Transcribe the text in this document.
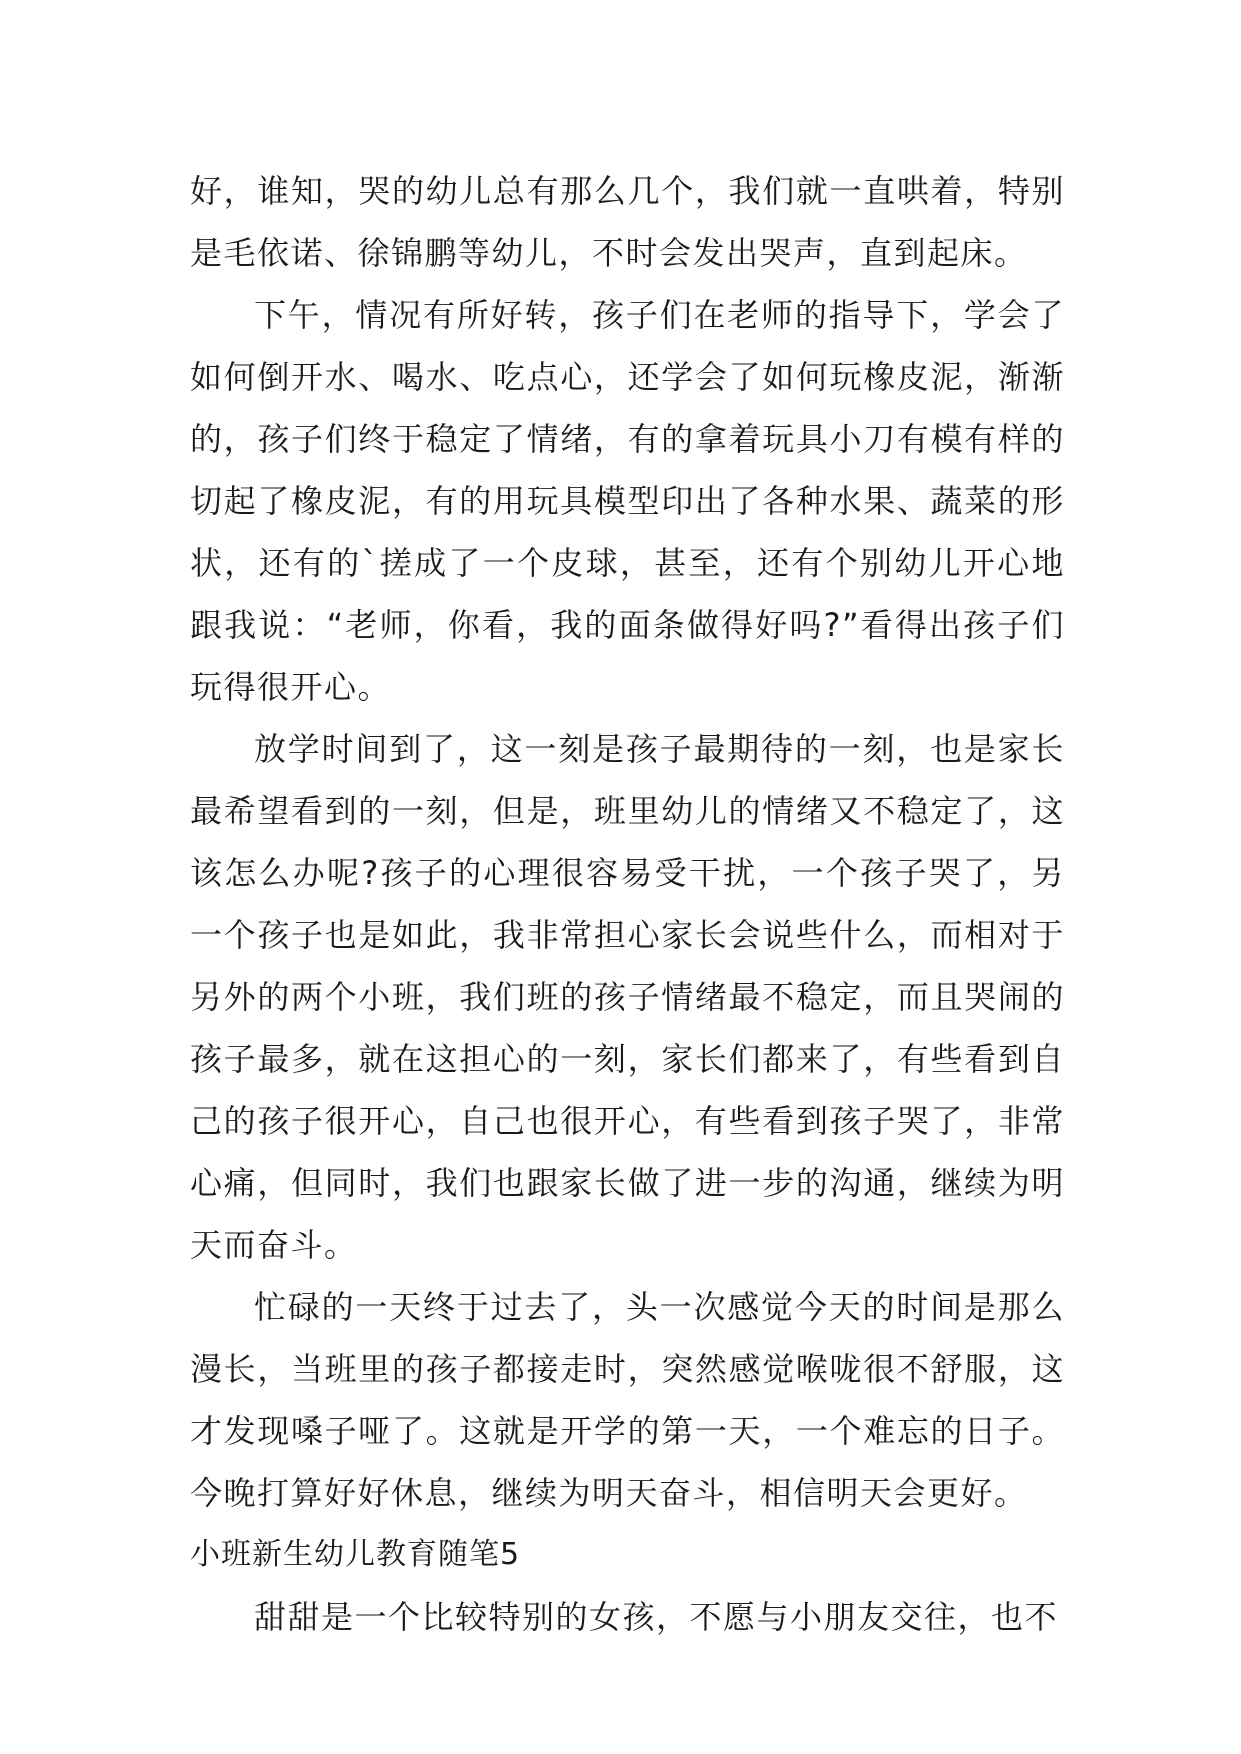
好，谁知，哭的幼儿总有那么几个，我们就一直哄着，特别是毛依诺、徐锦鹏等幼儿，不时会发出哭声，直到起床。

下午，情况有所好转，孩子们在老师的指导下，学会了如何倒开水、喝水、吃点心，还学会了如何玩橡皮泥，渐渐的，孩子们终于稳定了情绪，有的拿着玩具小刀有模有样的切起了橡皮泥，有的用玩具模型印出了各种水果、蔬菜的形状，还有的`搓成了一个皮球，甚至，还有个别幼儿开心地跟我说：“老师，你看，我的面条做得好吗?”看得出孩子们玩得很开心。

放学时间到了，这一刻是孩子最期待的一刻，也是家长最希望看到的一刻，但是，班里幼儿的情绪又不稳定了，这该怎么办呢?孩子的心理很容易受干扰，一个孩子哭了，另一个孩子也是如此，我非常担心家长会说些什么，而相对于另外的两个小班，我们班的孩子情绪最不稳定，而且哭闹的孩子最多，就在这担心的一刻，家长们都来了，有些看到自己的孩子很开心，自己也很开心，有些看到孩子哭了，非常心痛，但同时，我们也跟家长做了进一步的沟通，继续为明天而奋斗。

忙碌的一天终于过去了，头一次感觉今天的时间是那么漫长，当班里的孩子都接走时，突然感觉喉咙很不舒服，这才发现嗓子哑了。这就是开学的第一天，一个难忘的日子。今晚打算好好休息，继续为明天奋斗，相信明天会更好。

小班新生幼儿教育随笔5

甜甜是一个比较特别的女孩，不愿与小朋友交往，也不
